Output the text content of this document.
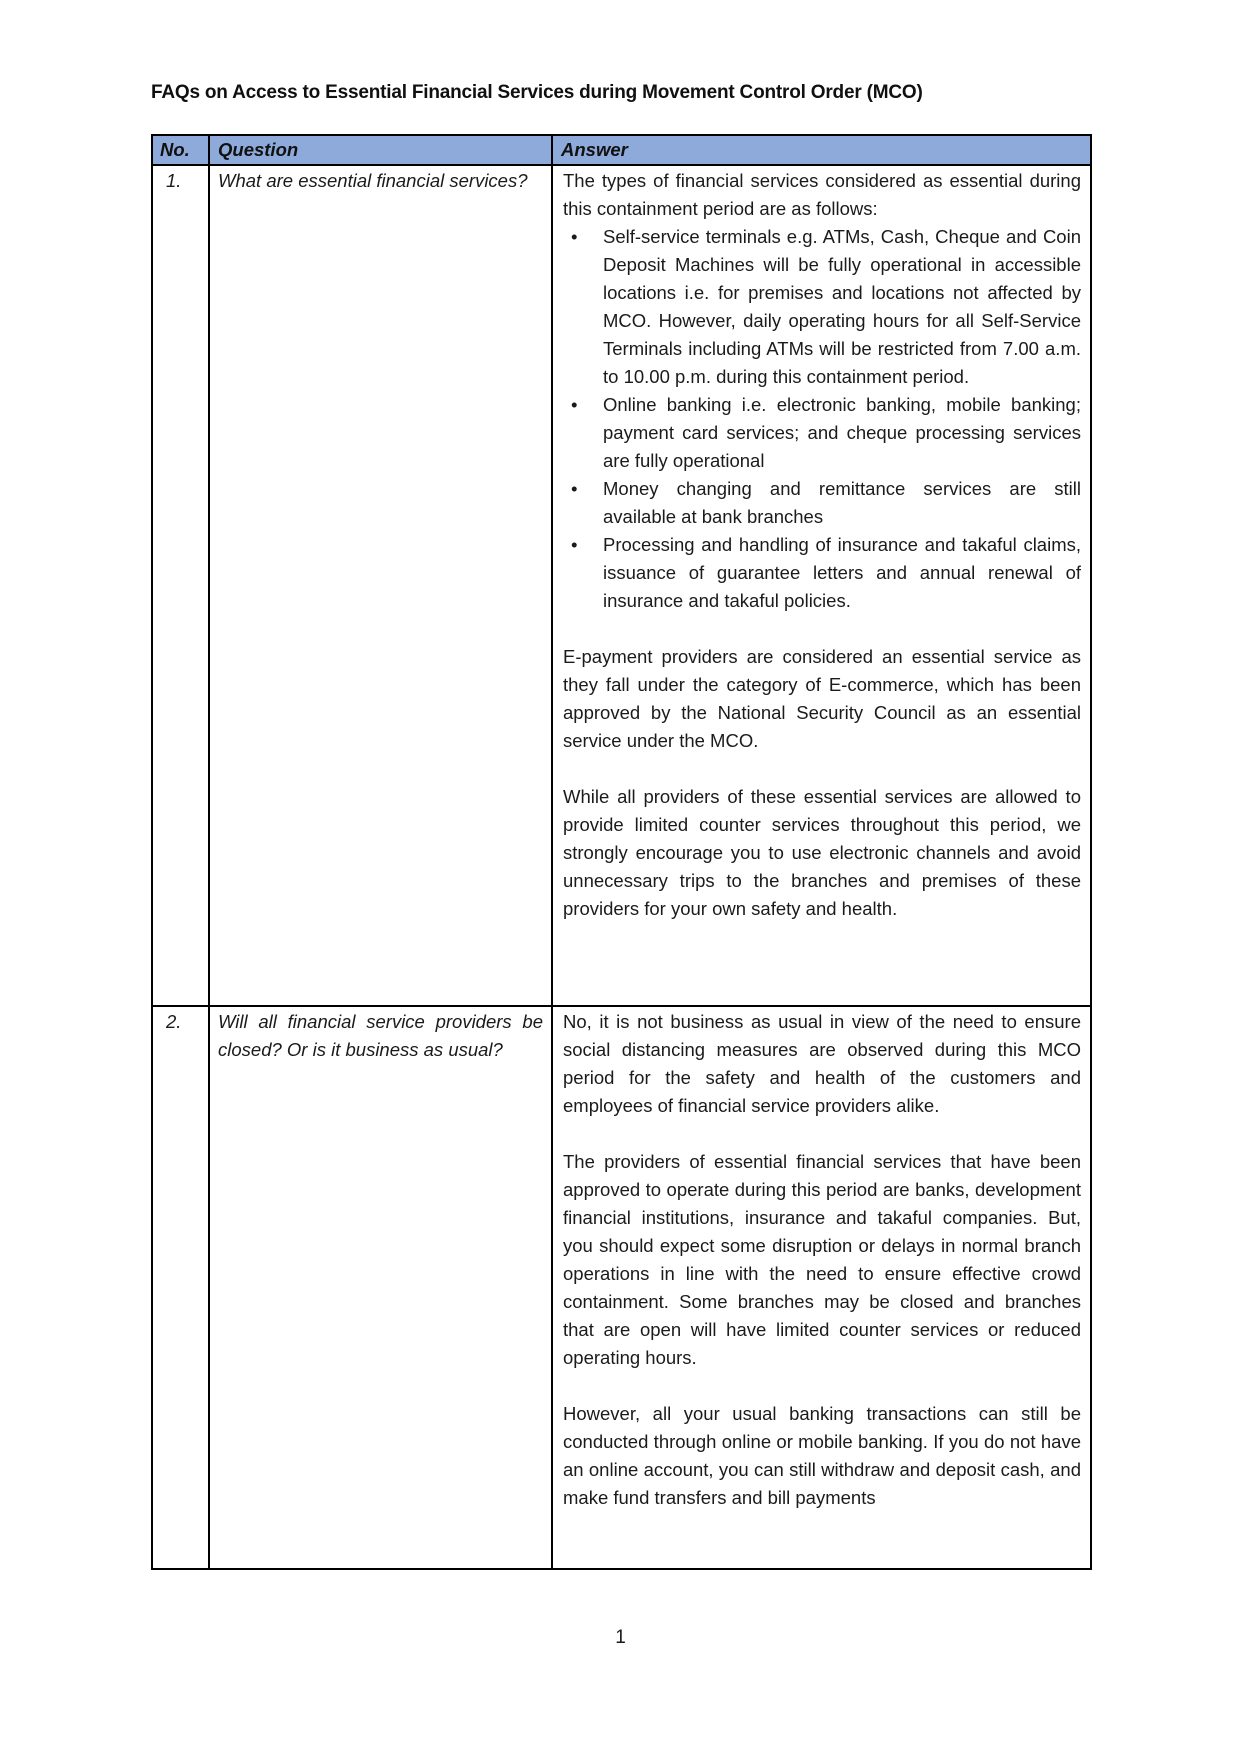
FAQs on Access to Essential Financial Services during Movement Control Order (MCO)
No.	Question	Answer
1.	What are essential financial services?	The types of financial services considered as essential during this containment period are as follows:

• Self-service terminals e.g. ATMs, Cash, Cheque and Coin Deposit Machines will be fully operational in accessible locations i.e. for premises and locations not affected by MCO. However, daily operating hours for all Self-Service Terminals including ATMs will be restricted from 7.00 a.m. to 10.00 p.m. during this containment period.
• Online banking i.e. electronic banking, mobile banking; payment card services; and cheque processing services are fully operational
• Money changing and remittance services are still available at bank branches
• Processing and handling of insurance and takaful claims, issuance of guarantee letters and annual renewal of insurance and takaful policies.

E-payment providers are considered an essential service as they fall under the category of E-commerce, which has been approved by the National Security Council as an essential service under the MCO.

While all providers of these essential services are allowed to provide limited counter services throughout this period, we strongly encourage you to use electronic channels and avoid unnecessary trips to the branches and premises of these providers for your own safety and health.

2.	Will all financial service providers be closed? Or is it business as usual?	No, it is not business as usual in view of the need to ensure social distancing measures are observed during this MCO period for the safety and health of the customers and employees of financial service providers alike.

The providers of essential financial services that have been approved to operate during this period are banks, development financial institutions, insurance and takaful companies. But, you should expect some disruption or delays in normal branch operations in line with the need to ensure effective crowd containment. Some branches may be closed and branches that are open will have limited counter services or reduced operating hours.

However, all your usual banking transactions can still be conducted through online or mobile banking. If you do not have an online account, you can still withdraw and deposit cash, and make fund transfers and bill payments

1
